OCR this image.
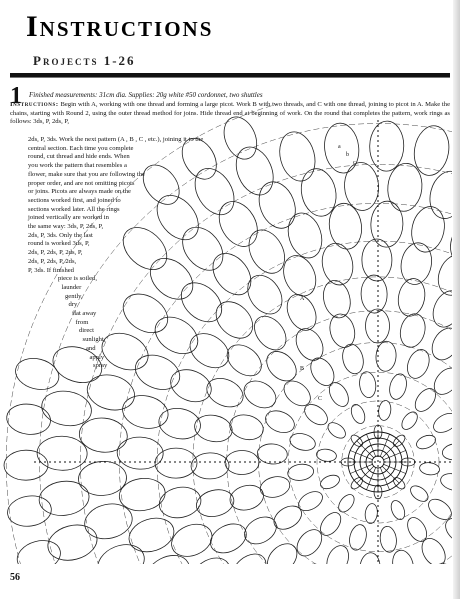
Instructions
Projects 1-26
1 Finished measurements: 31cm dia. Supplies: 20g white #50 cordonnet, two shuttles
Instructions: Begin with A, working with one thread and forming a large picot. Work B with two threads, and C with one thread, joining to picot in A. Make the chains, starting with Round 2, using the outer thread method for joins. Hide thread end at beginning of work. On the round that completes the pattern, work rings as follows: 3ds, P, 2ds, P,
a
b
c
A
B
C
2ds, P, 3ds. Work the next pattern (A , B , C , etc.), joining it to the
central section. Each time you complete
round, cut thread and hide ends. When
you work the pattern that resembles a
flower, make sure that you are following the
proper order, and are not omitting picots
or joins. Picots are always made on the
sections worked first, and joined to
sections worked later. All the rings
joined vertically are worked in
the same way: 3ds, P, 2ds, P,
2ds, P, 3ds. Only the last
round is worked 3ds, P,
2ds, P, 2ds, P, 2ds, P,
2ds, P, 2ds, P, 2ds,
P, 3ds. If finished
piece is soiled,
launder
gently,
dry
flat away
from
direct
sunlight,
and
apply
spray
56
